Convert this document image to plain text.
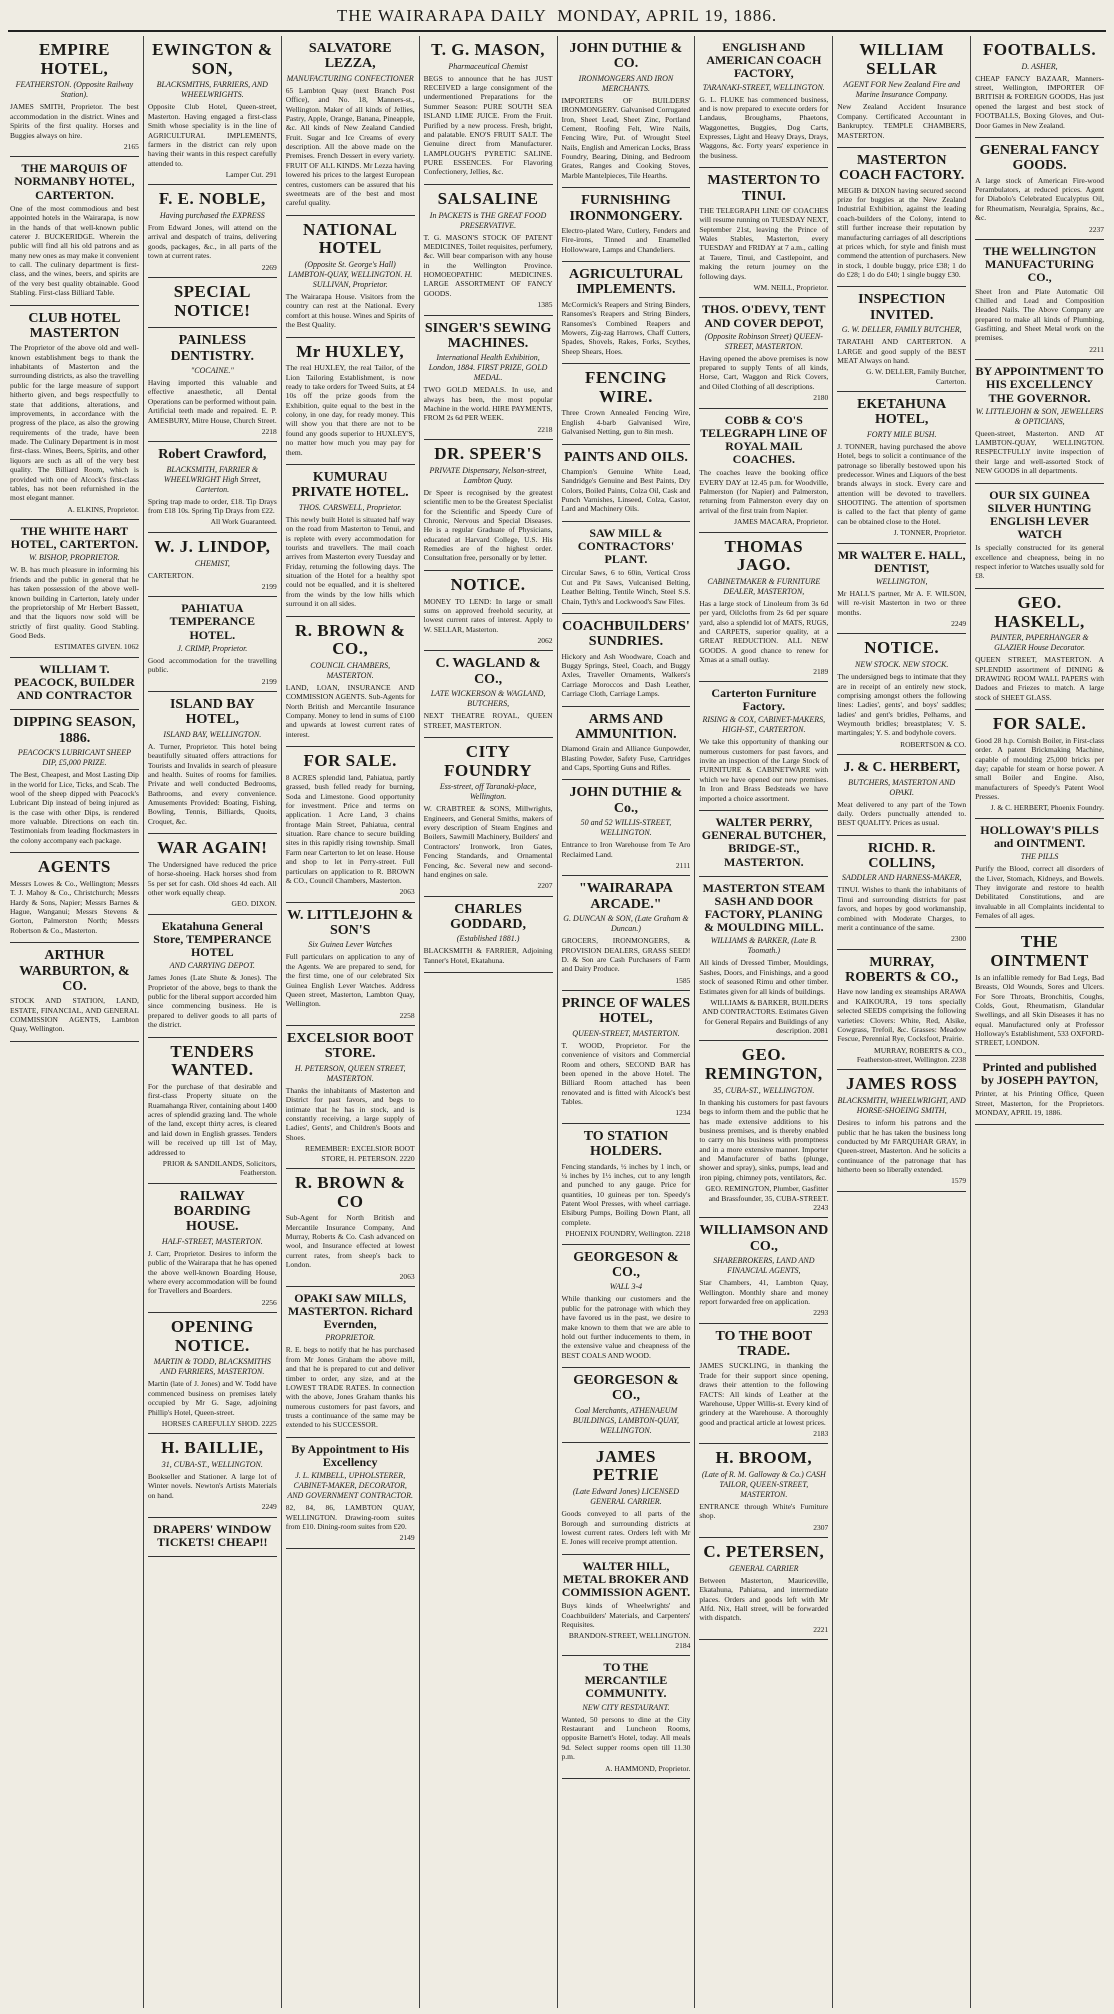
THE WAIRARAPA DAILY MONDAY, APRIL 19, 1886.
EMPIRE HOTEL,
FEATHERSTON. (Opposite Railway Station).
JAMES SMITH, Proprietor. The best accommodation in the district. Wines and Spirits of the first quality. Horses and Buggies always on hire.
2165
THE MARQUIS OF NORMANBY HOTEL, CARTERTON.
One of the most commodious and best appointed hotels in the Wairarapa, is now in the hands of that well-known public caterer J. BUCKERIDGE. Wherein the public will find all his old patrons and as many new ones as may make it convenient to call. The culinary department is first-class, and the wines, beers, and spirits are of the very best quality obtainable. Good Stabling. First-class Billiard Table.
CLUB HOTEL MASTERTON
The Proprietor of the above old and well-known establishment begs to thank the inhabitants of Masterton and the surrounding districts, as also the travelling public for the large measure of support hitherto given, and begs respectfully to state that additions, alterations, and improvements, in accordance with the progress of the place, as also the growing requirements of the trade, have been made. The Culinary Department is in most first-class. Wines, Beers, Spirits, and other liquors are such as all of the very best quality. The Billiard Room, which is provided with one of Alcock's first-class tables, has not been refurnished in the most elegant manner.
A. ELKINS, Proprietor.
THE WHITE HART HOTEL, CARTERTON.
W. BISHOP, PROPRIETOR.
W. B. has much pleasure in informing his friends and the public in general that he has taken possession of the above well-known building in Carterton, lately under the proprietorship of Mr Herbert Bassett, and that the liquors now sold will be strictly of first quality. Good Stabling. Good Beds.
ESTIMATES GIVEN. 1062
WILLIAM T. PEACOCK, BUILDER AND CONTRACTOR
DIPPING SEASON, 1886.
PEACOCK'S LUBRICANT SHEEP DIP, £5,000 PRIZE.
The Best, Cheapest, and Most Lasting Dip in the world for Lice, Ticks, and Scab. The wool of the sheep dipped with Peacock's Lubricant Dip instead of being injured as is the case with other Dips, is rendered more valuable. Directions on each tin. Testimonials from leading flockmasters in the colony accompany each package.
AGENTS
Messrs Lowes & Co., Wellington; Messrs T. J. Mahoy & Co., Christchurch; Messrs Hardy & Sons, Napier; Messrs Barnes & Hague, Wanganui; Messrs Stevens & Gorton, Palmerston North; Messrs Robertson & Co., Masterton.
ARTHUR WARBURTON, & CO.
STOCK AND STATION, LAND, ESTATE, FINANCIAL, AND GENERAL COMMISSION AGENTS, Lambton Quay, Wellington.
EWINGTON & SON,
BLACKSMITHS, FARRIERS, AND WHEELWRIGHTS.
Opposite Club Hotel, Queen-street, Masterton. Having engaged a first-class Smith whose speciality is in the line of AGRICULTURAL IMPLEMENTS, farmers in the district can rely upon having their wants in this respect carefully attended to.
Lamper Cut. 291
F. E. NOBLE,
Having purchased the EXPRESS
From Edward Jones, will attend on the arrival and despatch of trains, delivering goods, packages, &c., in all parts of the town at current rates.
2269
SPECIAL NOTICE!
PAINLESS DENTISTRY.
"COCAINE."
Having imported this valuable and effective anaesthetic, all Dental Operations can be performed without pain. Artificial teeth made and repaired. E. P. AMESBURY, Mitre House, Church Street.
2218
Robert Crawford,
BLACKSMITH, FARRIER & WHEELWRIGHT High Street, Carterton.
Spring trap made to order, £18. Tip Drays from £18 10s. Spring Tip Drays from £22.
All Work Guaranteed.
W. J. LINDOP,
CHEMIST,
CARTERTON.
2199
PAHIATUA TEMPERANCE HOTEL.
J. CRIMP, Proprietor.
Good accommodation for the travelling public.
2199
ISLAND BAY HOTEL,
ISLAND BAY, WELLINGTON.
A. Turner, Proprietor. This hotel being beautifully situated offers attractions for Tourists and Invalids in search of pleasure and health. Suites of rooms for families. Private and well conducted Bedrooms, Bathrooms, and every convenience. Amusements Provided: Boating, Fishing, Bowling, Tennis, Billiards, Quoits, Croquet, &c.
WAR AGAIN!
The Undersigned have reduced the price of horse-shoeing. Hack horses shod from 5s per set for cash. Old shoes 4d each. All other work equally cheap.
GEO. DIXON.
Ekatahuna General Store, TEMPERANCE HOTEL
AND CARRYING DEPOT.
James Jones (Late Shute & Jones). The Proprietor of the above, begs to thank the public for the liberal support accorded him since commencing business. He is prepared to deliver goods to all parts of the district.
TENDERS WANTED.
For the purchase of that desirable and first-class Property situate on the Ruamahanga River, containing about 1400 acres of splendid grazing land. The whole of the land, except thirty acres, is cleared and laid down in English grasses. Tenders will be received up till 1st of May, addressed to
PRIOR & SANDILANDS, Solicitors, Featherston.
RAILWAY BOARDING HOUSE.
HALF-STREET, MASTERTON.
J. Carr, Proprietor. Desires to inform the public of the Wairarapa that he has opened the above well-known Boarding House, where every accommodation will be found for Travellers and Boarders.
2256
OPENING NOTICE.
MARTIN & TODD, BLACKSMITHS AND FARRIERS, MASTERTON.
Martin (late of J. Jones) and W. Todd have commenced business on premises lately occupied by Mr G. Sage, adjoining Phillip's Hotel, Queen-street.
HORSES CAREFULLY SHOD. 2225
H. BAILLIE,
31, CUBA-ST., WELLINGTON.
Bookseller and Stationer. A large lot of Winter novels. Newton's Artists Materials on hand.
2249
DRAPERS' WINDOW TICKETS! CHEAP!!
SALVATORE LEZZA,
MANUFACTURING CONFECTIONER
65 Lambton Quay (next Branch Post Office), and No. 18, Manners-st., Wellington. Maker of all kinds of Jellies, Pastry, Apple, Orange, Banana, Pineapple, &c. All kinds of New Zealand Candied Fruit. Sugar and Ice Creams of every description. All the above made on the Premises. French Dessert in every variety. FRUIT OF ALL KINDS. Mr Lezza having lowered his prices to the largest European centres, customers can be assured that his sweetmeats are of the best and most careful quality.
NATIONAL HOTEL
(Opposite St. George's Hall) LAMBTON-QUAY, WELLINGTON. H. SULLIVAN, Proprietor.
The Wairarapa House. Visitors from the country can rest at the National. Every comfort at this house. Wines and Spirits of the Best Quality.
Mr HUXLEY,
The real HUXLEY, the real Tailor, of the Lion Tailoring Establishment, is now ready to take orders for Tweed Suits, at £4 10s off the prize goods from the Exhibition, quite equal to the best in the colony, in one day, for ready money. This will show you that there are not to be found any goods superior to HUXLEY'S, no matter how much you may pay for them.
KUMURAU PRIVATE HOTEL.
THOS. CARSWELL, Proprietor.
This newly built Hotel is situated half way on the road from Masterton to Tenui, and is replete with every accommodation for tourists and travellers. The mail coach arrives from Masterton every Tuesday and Friday, returning the following days. The situation of the Hotel for a healthy spot could not be equalled, and it is sheltered from the winds by the low hills which surround it on all sides.
R. BROWN & CO.,
COUNCIL CHAMBERS, MASTERTON.
LAND, LOAN, INSURANCE AND COMMISSION AGENTS. Sub-Agents for North British and Mercantile Insurance Company. Money to lend in sums of £100 and upwards at lowest current rates of interest.
FOR SALE.
8 ACRES splendid land, Pahiatua, partly grassed, bush felled ready for burning, Soda and Limestone. Good opportunity for investment. Price and terms on application. 1 Acre Land, 3 chains frontage Main Street, Pahiatua, central situation. Rare chance to secure building sites in this rapidly rising township. Small Farm near Carterton to let on lease. House and shop to let in Perry-street. Full particulars on application to R. BROWN & CO., Council Chambers, Masterton.
2063
W. LITTLEJOHN & SON'S
Six Guinea Lever Watches
Full particulars on application to any of the Agents. We are prepared to send, for the first time, one of our celebrated Six Guinea English Lever Watches. Address Queen street, Masterton, Lambton Quay, Wellington.
2258
EXCELSIOR BOOT STORE.
H. PETERSON, QUEEN STREET, MASTERTON.
Thanks the inhabitants of Masterton and District for past favors, and begs to intimate that he has in stock, and is constantly receiving, a large supply of Ladies', Gents', and Children's Boots and Shoes.
REMEMBER: EXCELSIOR BOOT STORE, H. PETERSON. 2220
R. BROWN & CO
Sub-Agent for North British and Mercantile Insurance Company, And Murray, Roberts & Co. Cash advanced on wool, and Insurance effected at lowest current rates, from sheep's back to London.
2063
OPAKI SAW MILLS, MASTERTON. Richard Evernden,
PROPRIETOR.
R. E. begs to notify that he has purchased from Mr Jones Graham the above mill, and that he is prepared to cut and deliver timber to order, any size, and at the LOWEST TRADE RATES. In connection with the above, Jones Graham thanks his numerous customers for past favors, and trusts a continuance of the same may be extended to his SUCCESSOR.
By Appointment to His Excellency
J. L. KIMBELL, UPHOLSTERER, CABINET-MAKER, DECORATOR, AND GOVERNMENT CONTRACTOR.
82, 84, 86, LAMBTON QUAY, WELLINGTON. Drawing-room suites from £10. Dining-room suites from £20.
2149
T. G. MASON,
Pharmaceutical Chemist
BEGS to announce that he has JUST RECEIVED a large consignment of the undermentioned Preparations for the Summer Season: PURE SOUTH SEA ISLAND LIME JUICE. From the Fruit. Purified by a new process. Fresh, bright, and palatable. ENO'S FRUIT SALT. The Genuine direct from Manufacturer. LAMPLOUGH'S PYRETIC SALINE. PURE ESSENCES. For Flavoring Confectionery, Jellies, &c.
SALSALINE
In PACKETS is THE GREAT FOOD PRESERVATIVE.
T. G. MASON'S STOCK OF PATENT MEDICINES, Toilet requisites, perfumery, &c. Will bear comparison with any house in the Wellington Province. HOMOEOPATHIC MEDICINES. LARGE ASSORTMENT OF FANCY GOODS.
1385
SINGER'S SEWING MACHINES.
International Health Exhibition, London, 1884. FIRST PRIZE, GOLD MEDAL.
TWO GOLD MEDALS. In use, and always has been, the most popular Machine in the world. HIRE PAYMENTS, FROM 2s 6d PER WEEK.
2218
DR. SPEER'S
PRIVATE Dispensary, Nelson-street, Lambton Quay.
Dr Speer is recognised by the greatest scientific men to be the Greatest Specialist for the Scientific and Speedy Cure of Chronic, Nervous and Special Diseases. He is a regular Graduate of Physicians, educated at Harvard College, U.S. His Remedies are of the highest order. Consultation free, personally or by letter.
NOTICE.
MONEY TO LEND: In large or small sums on approved freehold security, at lowest current rates of interest. Apply to W. SELLAR, Masterton.
2062
C. WAGLAND & CO.,
LATE WICKERSON & WAGLAND, BUTCHERS,
NEXT THEATRE ROYAL, QUEEN STREET, MASTERTON.
CITY FOUNDRY
Ess-street, off Taranaki-place, Wellington.
W. CRABTREE & SONS, Millwrights, Engineers, and General Smiths, makers of every description of Steam Engines and Boilers, Sawmill Machinery, Builders' and Contractors' Ironwork, Iron Gates, Fencing Standards, and Ornamental Fencing, &c. Several new and second-hand engines on sale.
2207
CHARLES GODDARD,
(Established 1881.)
BLACKSMITH & FARRIER, Adjoining Tanner's Hotel, Ekatahuna.
JOHN DUTHIE & CO.
IRONMONGERS AND IRON MERCHANTS.
IMPORTERS OF BUILDERS' IRONMONGERY. Galvanised Corrugated Iron, Sheet Lead, Sheet Zinc, Portland Cement, Roofing Felt, Wire Nails, Fencing Wire, Put. of Wrought Steel Nails, English and American Locks, Brass Foundry, Bearing, Dining, and Bedroom Grates, Ranges and Cooking Stoves, Marble Mantelpieces, Tile Hearths.
FURNISHING IRONMONGERY.
Electro-plated Ware, Cutlery, Fenders and Fire-irons, Tinned and Enamelled Hollowware, Lamps and Chandeliers.
AGRICULTURAL IMPLEMENTS.
McCormick's Reapers and String Binders, Ransomes's Reapers and String Binders, Ransomes's Combined Reapers and Mowers, Zig-zag Harrows, Chaff Cutters, Spades, Shovels, Rakes, Forks, Scythes, Sheep Shears, Hoes.
FENCING WIRE.
Three Crown Annealed Fencing Wire, English 4-barb Galvanised Wire, Galvanised Netting, gun to 8in mesh.
PAINTS AND OILS.
Champion's Genuine White Lead, Sandridge's Genuine and Best Paints, Dry Colors, Boiled Paints, Colza Oil, Cask and Punch Varnishes, Linseed, Colza, Castor, Lard and Machinery Oils.
SAW MILL & CONTRACTORS' PLANT.
Circular Saws, 6 to 60in, Vertical Cross Cut and Pit Saws, Vulcanised Belting, Leather Belting, Tentile Winch, Steel S.S. Chain, Tyth's and Lockwood's Saw Files.
COACHBUILDERS' SUNDRIES.
Hickory and Ash Woodware, Coach and Buggy Springs, Steel, Coach, and Buggy Axles, Traveller Ornaments, Walkers's Carriage Moroccos and Dash Leather, Carriage Cloth, Carriage Lamps.
ARMS AND AMMUNITION.
Diamond Grain and Alliance Gunpowder, Blasting Powder, Safety Fuse, Cartridges and Caps, Sporting Guns and Rifles.
JOHN DUTHIE & Co.,
50 and 52 WILLIS-STREET, WELLINGTON.
Entrance to Iron Warehouse from Te Aro Reclaimed Land.
2111
"WAIRARAPA ARCADE."
G. DUNCAN & SON, (Late Graham & Duncan.)
GROCERS, IRONMONGERS, & PROVISION DEALERS, GRASS SEED! D. & Son are Cash Purchasers of Farm and Dairy Produce.
1585
PRINCE OF WALES HOTEL,
QUEEN-STREET, MASTERTON.
T. WOOD, Proprietor. For the convenience of visitors and Commercial Room and others, SECOND BAR has been opened in the above Hotel. The Billiard Room attached has been renovated and is fitted with Alcock's best Tables.
1234
TO STATION HOLDERS.
Fencing standards, ½ inches by 1 inch, or ¼ inches by 1½ inches, cut to any length and punched to any gauge. Price for quantities, 10 guineas per ton. Speedy's Patent Wool Presses, with wheel carriage. Elsiburg Pumps, Boiling Down Plant, all complete.
PHOENIX FOUNDRY, Wellington. 2218
GEORGESON & CO.,
WALL 3-4
While thanking our customers and the public for the patronage with which they have favored us in the past, we desire to make known to them that we are able to hold out further inducements to them, in the extensive value and cheapness of the BEST COALS AND WOOD.
GEORGESON & CO.,
Coal Merchants, ATHENAEUM BUILDINGS, LAMBTON-QUAY, WELLINGTON.
JAMES PETRIE
(Late Edward Jones) LICENSED GENERAL CARRIER.
Goods conveyed to all parts of the Borough and surrounding districts at lowest current rates. Orders left with Mr E. Jones will receive prompt attention.
WALTER HILL, METAL BROKER AND COMMISSION AGENT.
Buys kinds of Wheelwrights' and Coachbuilders' Materials, and Carpenters' Requisites.
BRANDON-STREET, WELLINGTON. 2184
TO THE MERCANTILE COMMUNITY.
NEW CITY RESTAURANT.
Wanted, 50 persons to dine at the City Restaurant and Luncheon Rooms, opposite Barnett's Hotel, today. All meals 9d. Select supper rooms open till 11.30 p.m.
A. HAMMOND, Proprietor.
ENGLISH AND AMERICAN COACH FACTORY,
TARANAKI-STREET, WELLINGTON.
G. L. FLUKE has commenced business, and is now prepared to execute orders for Landaus, Broughams, Phaetons, Waggonettes, Buggies, Dog Carts, Expresses, Light and Heavy Drays, Drays, Waggons, &c. Forty years' experience in the business.
MASTERTON TO TINUI.
THE TELEGRAPH LINE OF COACHES will resume running on TUESDAY NEXT, September 21st, leaving the Prince of Wales Stables, Masterton, every TUESDAY and FRIDAY at 7 a.m., calling at Tauere, Tinui, and Castlepoint, and making the return journey on the following days.
WM. NEILL, Proprietor.
THOS. O'DEVY, TENT AND COVER DEPOT,
(Opposite Robinson Street) QUEEN-STREET, MASTERTON.
Having opened the above premises is now prepared to supply Tents of all kinds, Horse, Cart, Waggon and Rick Covers, and Oiled Clothing of all descriptions.
2180
COBB & CO'S TELEGRAPH LINE OF ROYAL MAIL COACHES.
The coaches leave the booking office EVERY DAY at 12.45 p.m. for Woodville, Palmerston (for Napier) and Palmerston, returning from Palmerston every day on arrival of the first train from Napier.
JAMES MACARA, Proprietor.
THOMAS JAGO.
CABINETMAKER & FURNITURE DEALER, MASTERTON,
Has a large stock of Linoleum from 3s 6d per yard, Oilcloths from 2s 6d per square yard, also a splendid lot of MATS, RUGS, and CARPETS, superior quality, at a GREAT REDUCTION. ALL NEW GOODS. A good chance to renew for Xmas at a small outlay.
2189
Carterton Furniture Factory.
RISING & COX, CABINET-MAKERS, HIGH-ST., CARTERTON.
We take this opportunity of thanking our numerous customers for past favors, and invite an inspection of the Large Stock of FURNITURE & CABINETWARE with which we have opened our new premises. In Iron and Brass Bedsteads we have imported a choice assortment.
WALTER PERRY, GENERAL BUTCHER, BRIDGE-ST., MASTERTON.
MASTERTON STEAM SASH AND DOOR FACTORY, PLANING & MOULDING MILL.
WILLIAMS & BARKER, (Late B. Toomath.)
All kinds of Dressed Timber, Mouldings, Sashes, Doors, and Finishings, and a good stock of seasoned Rimu and other timber. Estimates given for all kinds of buildings.
WILLIAMS & BARKER, BUILDERS AND CONTRACTORS. Estimates Given for General Repairs and Buildings of any description. 2081
GEO. REMINGTON,
35, CUBA-ST., WELLINGTON.
In thanking his customers for past favours begs to inform them and the public that he has made extensive additions to his business premises, and is thereby enabled to carry on his business with promptness and in a more extensive manner. Importer and Manufacturer of baths (plunge, shower and spray), sinks, pumps, lead and iron piping, chimney pots, ventilators, &c.
GEO. REMINGTON, Plumber, Gasfitter and Brassfounder, 35, CUBA-STREET. 2243
WILLIAMSON AND CO.,
SHAREBROKERS, LAND AND FINANCIAL AGENTS,
Star Chambers, 41, Lambton Quay, Wellington. Monthly share and money report forwarded free on application.
2293
TO THE BOOT TRADE.
JAMES SUCKLING, in thanking the Trade for their support since opening, draws their attention to the following FACTS: All kinds of Leather at the Warehouse, Upper Willis-st. Every kind of grindery at the Warehouse. A thoroughly good and practical article at lowest prices.
2183
H. BROOM,
(Late of R. M. Galloway & Co.) CASH TAILOR, QUEEN-STREET, MASTERTON.
ENTRANCE through White's Furniture shop.
2307
C. PETERSEN,
GENERAL CARRIER
Between Masterton, Mauriceville, Ekatahuna, Pahiatua, and intermediate places. Orders and goods left with Mr Alfd. Nix, Hall street, will be forwarded with dispatch.
2221
WILLIAM SELLAR
AGENT FOR New Zealand Fire and Marine Insurance Company.
New Zealand Accident Insurance Company. Certificated Accountant in Bankruptcy. TEMPLE CHAMBERS, MASTERTON.
MASTERTON COACH FACTORY.
MEGIB & DIXON having secured second prize for buggies at the New Zealand Industrial Exhibition, against the leading coach-builders of the Colony, intend to still further increase their reputation by manufacturing carriages of all descriptions at prices which, for style and finish must commend the attention of purchasers. New in stock, 1 double buggy, price £38; 1 do do £28; 1 do do £40; 1 single buggy £30.
INSPECTION INVITED.
G. W. DELLER, FAMILY BUTCHER,
TARATAHI AND CARTERTON. A LARGE and good supply of the BEST MEAT Always on hand.
G. W. DELLER, Family Butcher, Carterton.
EKETAHUNA HOTEL,
FORTY MILE BUSH.
J. TONNER, having purchased the above Hotel, begs to solicit a continuance of the patronage so liberally bestowed upon his predecessor. Wines and Liquors of the best brands always in stock. Every care and attention will be devoted to travellers. SHOOTING. The attention of sportsmen is called to the fact that plenty of game can be obtained close to the Hotel.
J. TONNER, Proprietor.
MR WALTER E. HALL, DENTIST,
WELLINGTON,
Mr HALL'S partner, Mr A. F. WILSON, will re-visit Masterton in two or three months.
2249
NOTICE.
NEW STOCK. NEW STOCK.
The undersigned begs to intimate that they are in receipt of an entirely new stock, comprising amongst others the following lines: Ladies', gents', and boys' saddles; ladies' and gent's bridles, Pelhams, and Weymouth bridles; breastplates; V. S. martingales; Y. S. and bodyhole covers.
ROBERTSON & CO.
J. & C. HERBERT,
BUTCHERS, MASTERTON AND OPAKI.
Meat delivered to any part of the Town daily. Orders punctually attended to. BEST QUALITY. Prices as usual.
RICHD. R. COLLINS,
SADDLER AND HARNESS-MAKER,
TINUI. Wishes to thank the inhabitants of Tinui and surrounding districts for past favors, and hopes by good workmanship, combined with Moderate Charges, to merit a continuance of the same.
2300
MURRAY, ROBERTS & CO.,
Have now landing ex steamships ARAWA and KAIKOURA, 19 tons specially selected SEEDS comprising the following varieties: Clovers: White, Red, Alsike, Cowgrass, Trefoil, &c. Grasses: Meadow Fescue, Perennial Rye, Cocksfoot, Prairie.
MURRAY, ROBERTS & CO., Featherston-street, Wellington. 2238
JAMES ROSS
BLACKSMITH, WHEELWRIGHT, AND HORSE-SHOEING SMITH,
Desires to inform his patrons and the public that he has taken the business long conducted by Mr FARQUHAR GRAY, in Queen-street, Masterton. And he solicits a continuance of the patronage that has hitherto been so liberally extended.
1579
FOOTBALLS.
D. ASHER,
CHEAP FANCY BAZAAR, Manners-street, Wellington, IMPORTER OF BRITISH & FOREIGN GOODS, Has just opened the largest and best stock of FOOTBALLS, Boxing Gloves, and Out-Door Games in New Zealand.
GENERAL FANCY GOODS.
A large stock of American Fire-wood Perambulators, at reduced prices. Agent for Diabolo's Celebrated Eucalyptus Oil, for Rheumatism, Neuralgia, Sprains, &c., &c.
2237
THE WELLINGTON MANUFACTURING CO.,
Sheet Iron and Plate Automatic Oil Chilled and Lead and Composition Headed Nails. The Above Company are prepared to make all kinds of Plumbing, Gasfitting, and Sheet Metal work on the premises.
2211
BY APPOINTMENT TO HIS EXCELLENCY THE GOVERNOR.
W. LITTLEJOHN & SON, JEWELLERS & OPTICIANS,
Queen-street, Masterton. AND AT LAMBTON-QUAY, WELLINGTON. RESPECTFULLY invite inspection of their large and well-assorted Stock of NEW GOODS in all departments.
OUR SIX GUINEA SILVER HUNTING ENGLISH LEVER WATCH
Is specially constructed for its general excellence and cheapness, being in no respect inferior to Watches usually sold for £8.
GEO. HASKELL,
PAINTER, PAPERHANGER & GLAZIER House Decorator.
QUEEN STREET, MASTERTON. A SPLENDID assortment of DINING & DRAWING ROOM WALL PAPERS with Dadoes and Friezes to match. A large stock of SHEET GLASS.
FOR SALE.
Good 28 h.p. Cornish Boiler, in First-class order. A patent Brickmaking Machine, capable of moulding 25,000 bricks per day; capable for steam or horse power. A small Boiler and Engine. Also, manufacturers of Speedy's Patent Wool Presses.
J. & C. HERBERT, Phoenix Foundry.
HOLLOWAY'S PILLS and OINTMENT.
THE PILLS
Purify the Blood, correct all disorders of the Liver, Stomach, Kidneys, and Bowels. They invigorate and restore to health Debilitated Constitutions, and are invaluable in all Complaints incidental to Females of all ages.
THE OINTMENT
Is an infallible remedy for Bad Legs, Bad Breasts, Old Wounds, Sores and Ulcers. For Sore Throats, Bronchitis, Coughs, Colds, Gout, Rheumatism, Glandular Swellings, and all Skin Diseases it has no equal. Manufactured only at Professor Holloway's Establishment, 533 OXFORD-STREET, LONDON.
Printed and published by JOSEPH PAYTON,
Printer, at his Printing Office, Queen Street, Masterton, for the Proprietors. MONDAY, APRIL 19, 1886.
